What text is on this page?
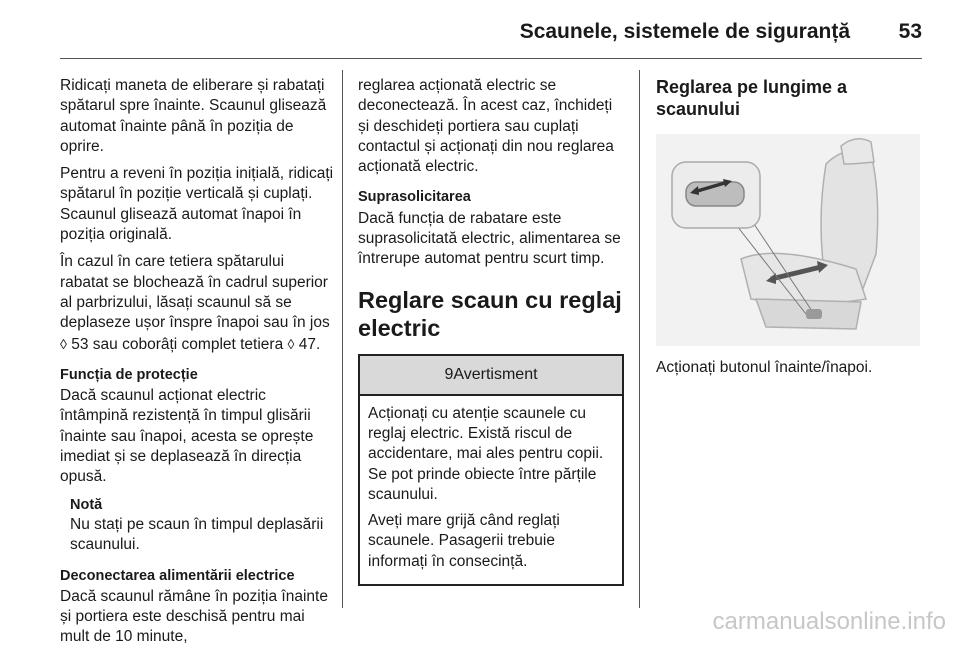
Scaunele, sistemele de siguranță 53

Ridicați maneta de eliberare și rabatați spătarul spre înainte. Scaunul glisează automat înainte până în poziția de oprire.

Pentru a reveni în poziția inițială, ridicați spătarul în poziție verticală și cuplați. Scaunul glisează automat înapoi în poziția originală.

În cazul în care tetiera spătarului rabatat se blochează în cadrul superior al parbrizului, lăsați scaunul să se deplaseze ușor înspre înapoi sau în jos ◊ 53 sau coborâți complet tetiera ◊ 47.

Funcția de protecție

Dacă scaunul acționat electric întâmpină rezistență în timpul glisării înainte sau înapoi, acesta se oprește imediat și se deplasează în direcția opusă.

Notă
Nu stați pe scaun în timpul deplasării scaunului.

Deconectarea alimentării electrice

Dacă scaunul rămâne în poziția înainte și portiera este deschisă pentru mai mult de 10 minute,

reglarea acționată electric se deconectează. În acest caz, închideți și deschideți portiera sau cuplați contactul și acționați din nou reglarea acționată electric.

Suprasolicitarea

Dacă funcția de rabatare este suprasolicitată electric, alimentarea se întrerupe automat pentru scurt timp.

Reglare scaun cu reglaj electric
9 Avertisment

Acționați cu atenție scaunele cu reglaj electric. Există riscul de accidentare, mai ales pentru copii. Se pot prinde obiecte între părțile scaunului.

Aveți mare grijă când reglați scaunele. Pasagerii trebuie informați în consecință.

Reglarea pe lungime a scaunului

Acționați butonul înainte/înapoi.

carmanualsonline.info
